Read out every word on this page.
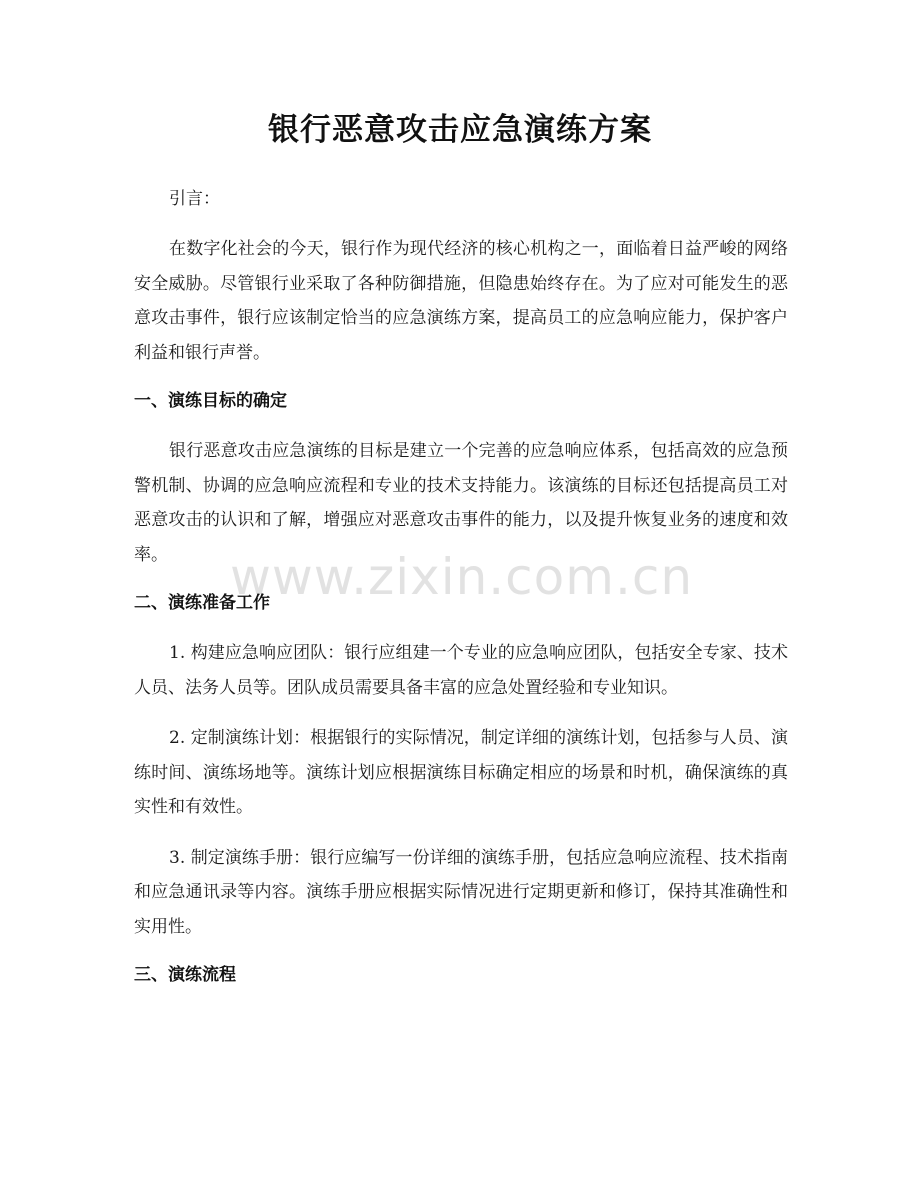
银行恶意攻击应急演练方案

引言：

在数字化社会的今天，银行作为现代经济的核心机构之一，面临着日益严峻的网络安全威胁。尽管银行业采取了各种防御措施，但隐患始终存在。为了应对可能发生的恶意攻击事件，银行应该制定恰当的应急演练方案，提高员工的应急响应能力，保护客户利益和银行声誉。

一、演练目标的确定

银行恶意攻击应急演练的目标是建立一个完善的应急响应体系，包括高效的应急预警机制、协调的应急响应流程和专业的技术支持能力。该演练的目标还包括提高员工对恶意攻击的认识和了解，增强应对恶意攻击事件的能力，以及提升恢复业务的速度和效率。

二、演练准备工作

1. 构建应急响应团队：银行应组建一个专业的应急响应团队，包括安全专家、技术人员、法务人员等。团队成员需要具备丰富的应急处置经验和专业知识。

2. 定制演练计划：根据银行的实际情况，制定详细的演练计划，包括参与人员、演练时间、演练场地等。演练计划应根据演练目标确定相应的场景和时机，确保演练的真实性和有效性。

3. 制定演练手册：银行应编写一份详细的演练手册，包括应急响应流程、技术指南和应急通讯录等内容。演练手册应根据实际情况进行定期更新和修订，保持其准确性和实用性。

三、演练流程
www.zixin.com.cn
